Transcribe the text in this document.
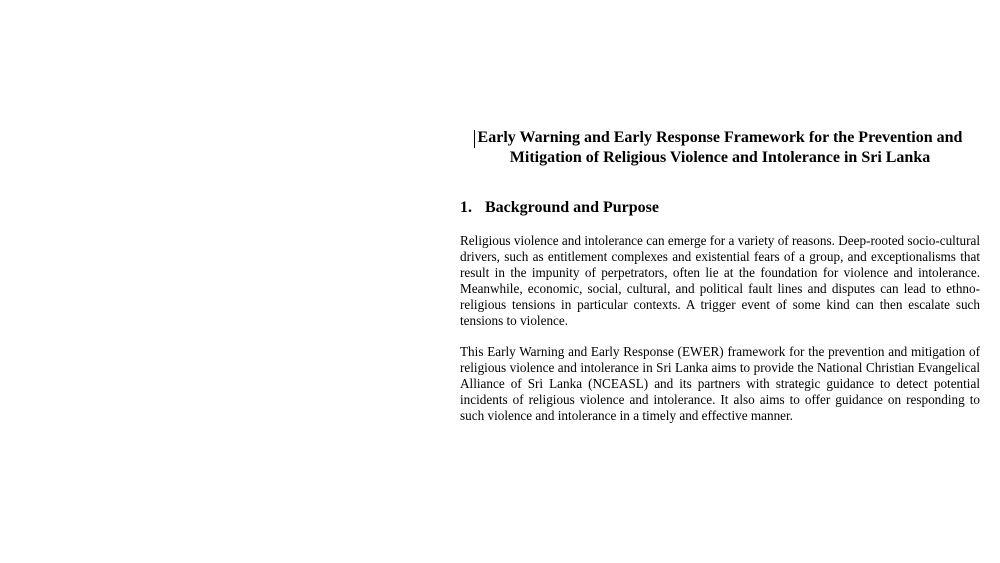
Early Warning and Early Response Framework for the Prevention and Mitigation of Religious Violence and Intolerance in Sri Lanka
1. Background and Purpose

Religious violence and intolerance can emerge for a variety of reasons. Deep-rooted socio-cultural drivers, such as entitlement complexes and existential fears of a group, and exceptionalisms that result in the impunity of perpetrators, often lie at the foundation for violence and intolerance. Meanwhile, economic, social, cultural, and political fault lines and disputes can lead to ethno-religious tensions in particular contexts. A trigger event of some kind can then escalate such tensions to violence.

This Early Warning and Early Response (EWER) framework for the prevention and mitigation of religious violence and intolerance in Sri Lanka aims to provide the National Christian Evangelical Alliance of Sri Lanka (NCEASL) and its partners with strategic guidance to detect potential incidents of religious violence and intolerance. It also aims to offer guidance on responding to such violence and intolerance in a timely and effective manner.
